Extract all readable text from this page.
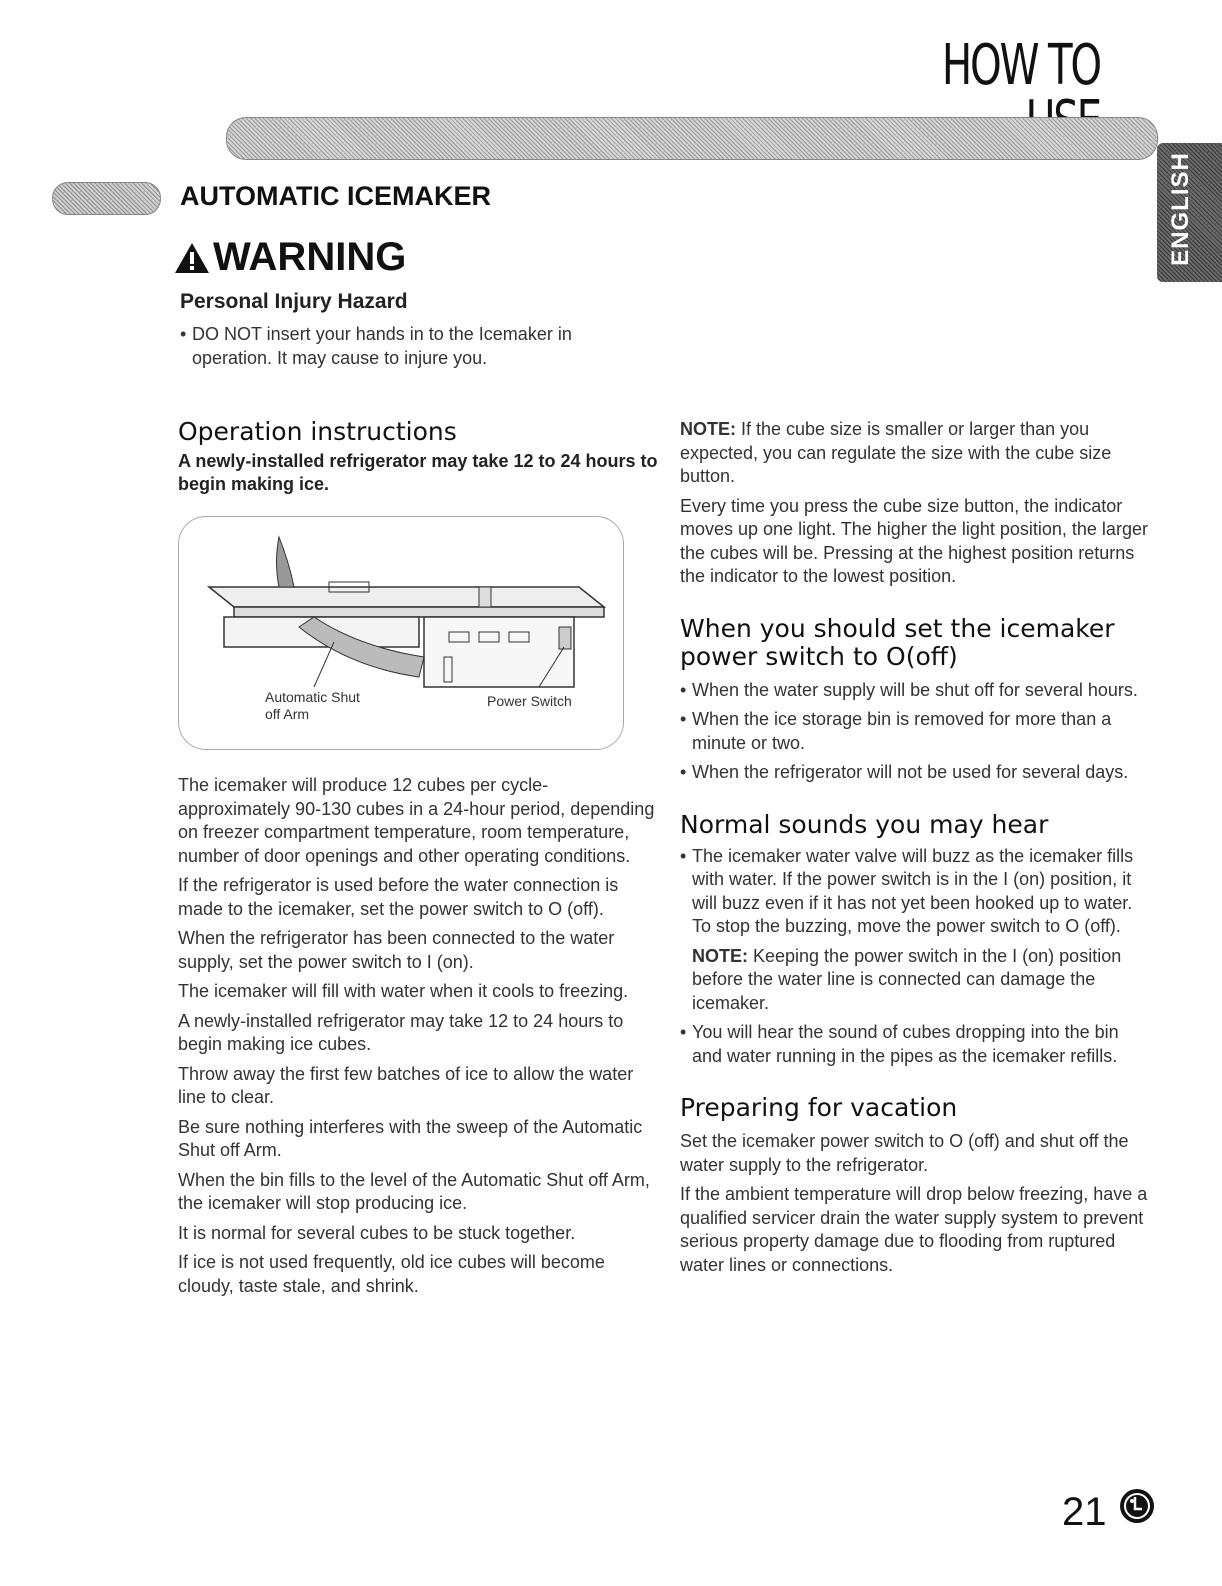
HOW TO
ENGLISH
AUTOMATIC ICEMAKER
WARNING
Personal Injury Hazard
• DO NOT insert your hands in to the Icemaker in operation. It may cause to injure you.
Operation instructions
A newly-installed refrigerator may take 12 to 24 hours to begin making ice.
Automatic Shut off Arm
Power Switch

The icemaker will produce 12 cubes per cycle-approximately 90-130 cubes in a 24-hour period, depending on freezer compartment temperature, room temperature, number of door openings and other operating conditions.

If the refrigerator is used before the water connection is made to the icemaker, set the power switch to O (off).

When the refrigerator has been connected to the water supply, set the power switch to I (on).

The icemaker will fill with water when it cools to freezing.

A newly-installed refrigerator may take 12 to 24 hours to begin making ice cubes.

Throw away the first few batches of ice to allow the water line to clear.

Be sure nothing interferes with the sweep of the Automatic Shut off Arm.

When the bin fills to the level of the Automatic Shut off Arm, the icemaker will stop producing ice.

It is normal for several cubes to be stuck together.

If ice is not used frequently, old ice cubes will become cloudy, taste stale, and shrink.

NOTE: If the cube size is smaller or larger than you expected, you can regulate the size with the cube size button.

Every time you press the cube size button, the indicator moves up one light. The higher the light position, the larger the cubes will be. Pressing at the highest position returns the indicator to the lowest position.

When you should set the icemaker power switch to O(off)
• When the water supply will be shut off for several hours.
• When the ice storage bin is removed for more than a minute or two.
• When the refrigerator will not be used for several days.
Normal sounds you may hear
• The icemaker water valve will buzz as the icemaker fills with water. If the power switch is in the I (on) position, it will buzz even if it has not yet been hooked up to water.
To stop the buzzing, move the power switch to O (off).
NOTE: Keeping the power switch in the I (on) position before the water line is connected can damage the icemaker.
• You will hear the sound of cubes dropping into the bin and water running in the pipes as the icemaker refills.
Preparing for vacation

Set the icemaker power switch to O (off) and shut off the water supply to the refrigerator.

If the ambient temperature will drop below freezing, have a qualified servicer drain the water supply system to prevent serious property damage due to flooding from ruptured water lines or connections.

21
